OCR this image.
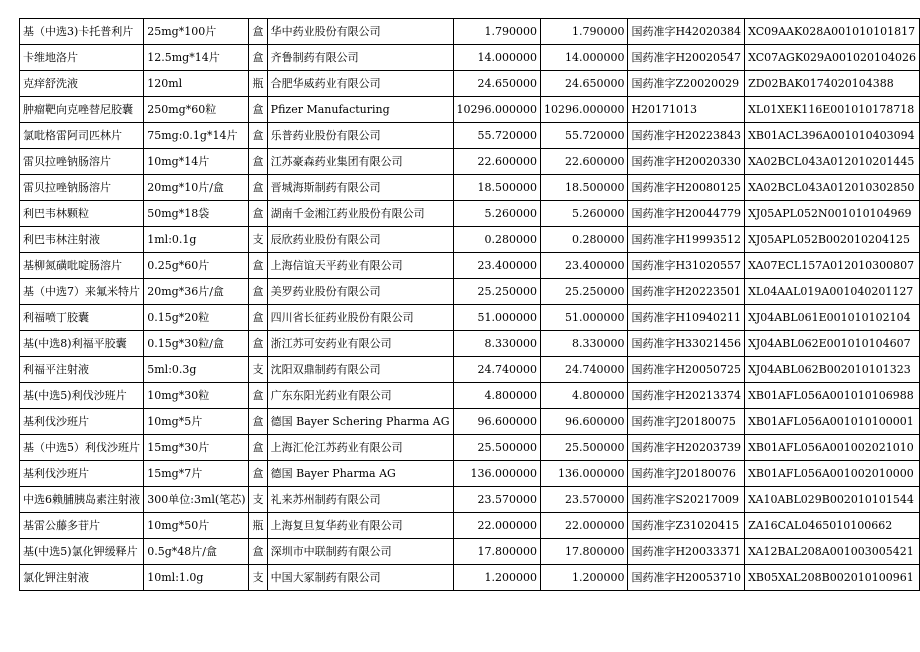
基（中选3)卡托普利片	25mg*100片	盒	华中药业股份有限公司	1.790000	1.790000	国药准字H42020384	XC09AAK028A001010101817
卡维地洛片	12.5mg*14片	盒	齐鲁制药有限公司	14.000000	14.000000	国药准字H20020547	XC07AGK029A001020104026
克痒舒洗液	120ml	瓶	合肥华威药业有限公司	24.650000	24.650000	国药准字Z20020029	ZD02BAK0174020104388
肿瘤靶向克唑替尼胶囊	250mg*60粒	盒	Pfizer Manufacturing	10296.000000	10296.000000	H20171013	XL01XEK116E001010178718
氯吡格雷阿司匹林片	75mg:0.1g*14片	盒	乐普药业股份有限公司	55.720000	55.720000	国药准字H20223843	XB01ACL396A001010403094
雷贝拉唑钠肠溶片	10mg*14片	盒	江苏豪森药业集团有限公司	22.600000	22.600000	国药准字H20020330	XA02BCL043A012010201445
雷贝拉唑钠肠溶片	20mg*10片/盒	盒	晋城海斯制药有限公司	18.500000	18.500000	国药准字H20080125	XA02BCL043A012010302850
利巴韦林颗粒	50mg*18袋	盒	湖南千金湘江药业股份有限公司	5.260000	5.260000	国药准字H20044779	XJ05APL052N001010104969
利巴韦林注射液	1ml:0.1g	支	辰欣药业股份有限公司	0.280000	0.280000	国药准字H19993512	XJ05APL052B002010204125
基柳氮磺吡啶肠溶片	0.25g*60片	盒	上海信谊天平药业有限公司	23.400000	23.400000	国药准字H31020557	XA07ECL157A012010300807
基（中选7）来氟米特片	20mg*36片/盒	盒	美罗药业股份有限公司	25.250000	25.250000	国药准字H20223501	XL04AAL019A001040201127
利福喷丁胶囊	0.15g*20粒	盒	四川省长征药业股份有限公司	51.000000	51.000000	国药准字H10940211	XJ04ABL061E001010102104
基(中选8)利福平胶囊	0.15g*30粒/盒	盒	浙江苏可安药业有限公司	8.330000	8.330000	国药准字H33021456	XJ04ABL062E001010104607
利福平注射液	5ml:0.3g	支	沈阳双鼎制药有限公司	24.740000	24.740000	国药准字H20050725	XJ04ABL062B002010101323
基(中选5)利伐沙班片	10mg*30粒	盒	广东东阳光药业有限公司	4.800000	4.800000	国药准字H20213374	XB01AFL056A001010106988
基利伐沙班片	10mg*5片	盒	德国 Bayer Schering Pharma AG	96.600000	96.600000	国药准字J20180075	XB01AFL056A001010100001
基（中选5）利伐沙班片	15mg*30片	盒	上海汇伦江苏药业有限公司	25.500000	25.500000	国药准字H20203739	XB01AFL056A001002021010
基利伐沙班片	15mg*7片	盒	德国 Bayer Pharma AG	136.000000	136.000000	国药准字J20180076	XB01AFL056A001002010000
中选6赖脯胰岛素注射液	300单位:3ml(笔芯)	支	礼来苏州制药有限公司	23.570000	23.570000	国药准字S20217009	XA10ABL029B002010101544
基雷公藤多苷片	10mg*50片	瓶	上海复旦复华药业有限公司	22.000000	22.000000	国药准字Z31020415	ZA16CAL0465010100662
基(中选5)氯化钾缓释片	0.5g*48片/盒	盒	深圳市中联制药有限公司	17.800000	17.800000	国药准字H20033371	XA12BAL208A001003005421
氯化钾注射液	10ml:1.0g	支	中国大冢制药有限公司	1.200000	1.200000	国药准字H20053710	XB05XAL208B002010100961
